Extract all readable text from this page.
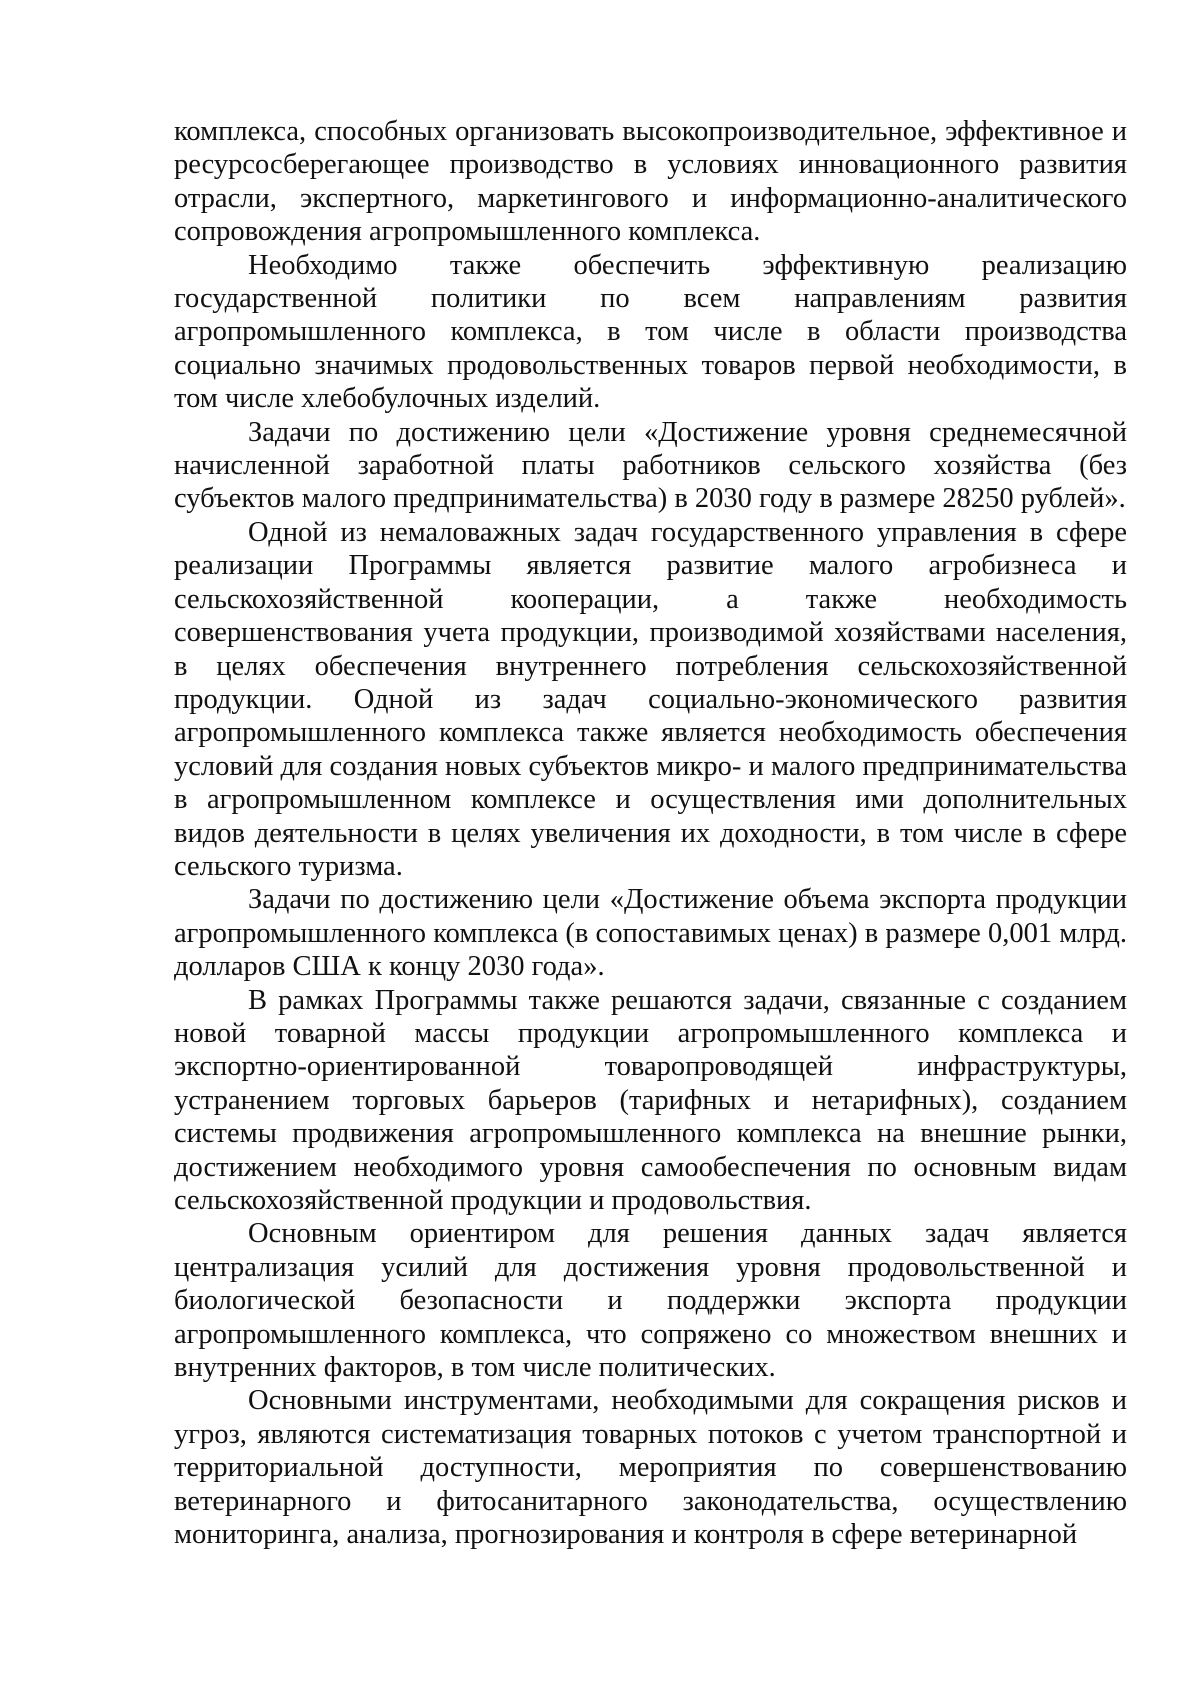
комплекса, способных организовать высокопроизводительное, эффективное и ресурсосберегающее производство в условиях инновационного развития отрасли, экспертного, маркетингового и информационно-аналитического сопровождения агропромышленного комплекса.

Необходимо также обеспечить эффективную реализацию государственной политики по всем направлениям развития агропромышленного комплекса, в том числе в области производства социально значимых продовольственных товаров первой необходимости, в том числе хлебобулочных изделий.

Задачи по достижению цели «Достижение уровня среднемесячной начисленной заработной платы работников сельского хозяйства (без субъектов малого предпринимательства) в 2030 году в размере 28250 рублей».

Одной из немаловажных задач государственного управления в сфере реализации Программы является развитие малого агробизнеса и сельскохозяйственной кооперации, а также необходимость совершенствования учета продукции, производимой хозяйствами населения, в целях обеспечения внутреннего потребления сельскохозяйственной продукции. Одной из задач социально-экономического развития агропромышленного комплекса также является необходимость обеспечения условий для создания новых субъектов микро- и малого предпринимательства в агропромышленном комплексе и осуществления ими дополнительных видов деятельности в целях увеличения их доходности, в том числе в сфере сельского туризма.

Задачи по достижению цели «Достижение объема экспорта продукции агропромышленного комплекса (в сопоставимых ценах) в размере 0,001 млрд. долларов США к концу 2030 года».

В рамках Программы также решаются задачи, связанные с созданием новой товарной массы продукции агропромышленного комплекса и экспортно-ориентированной товаропроводящей инфраструктуры, устранением торговых барьеров (тарифных и нетарифных), созданием системы продвижения агропромышленного комплекса на внешние рынки, достижением необходимого уровня самообеспечения по основным видам сельскохозяйственной продукции и продовольствия.

Основным ориентиром для решения данных задач является централизация усилий для достижения уровня продовольственной и биологической безопасности и поддержки экспорта продукции агропромышленного комплекса, что сопряжено со множеством внешних и внутренних факторов, в том числе политических.

Основными инструментами, необходимыми для сокращения рисков и угроз, являются систематизация товарных потоков с учетом транспортной и территориальной доступности, мероприятия по совершенствованию ветеринарного и фитосанитарного законодательства, осуществлению мониторинга, анализа, прогнозирования и контроля в сфере ветеринарной
